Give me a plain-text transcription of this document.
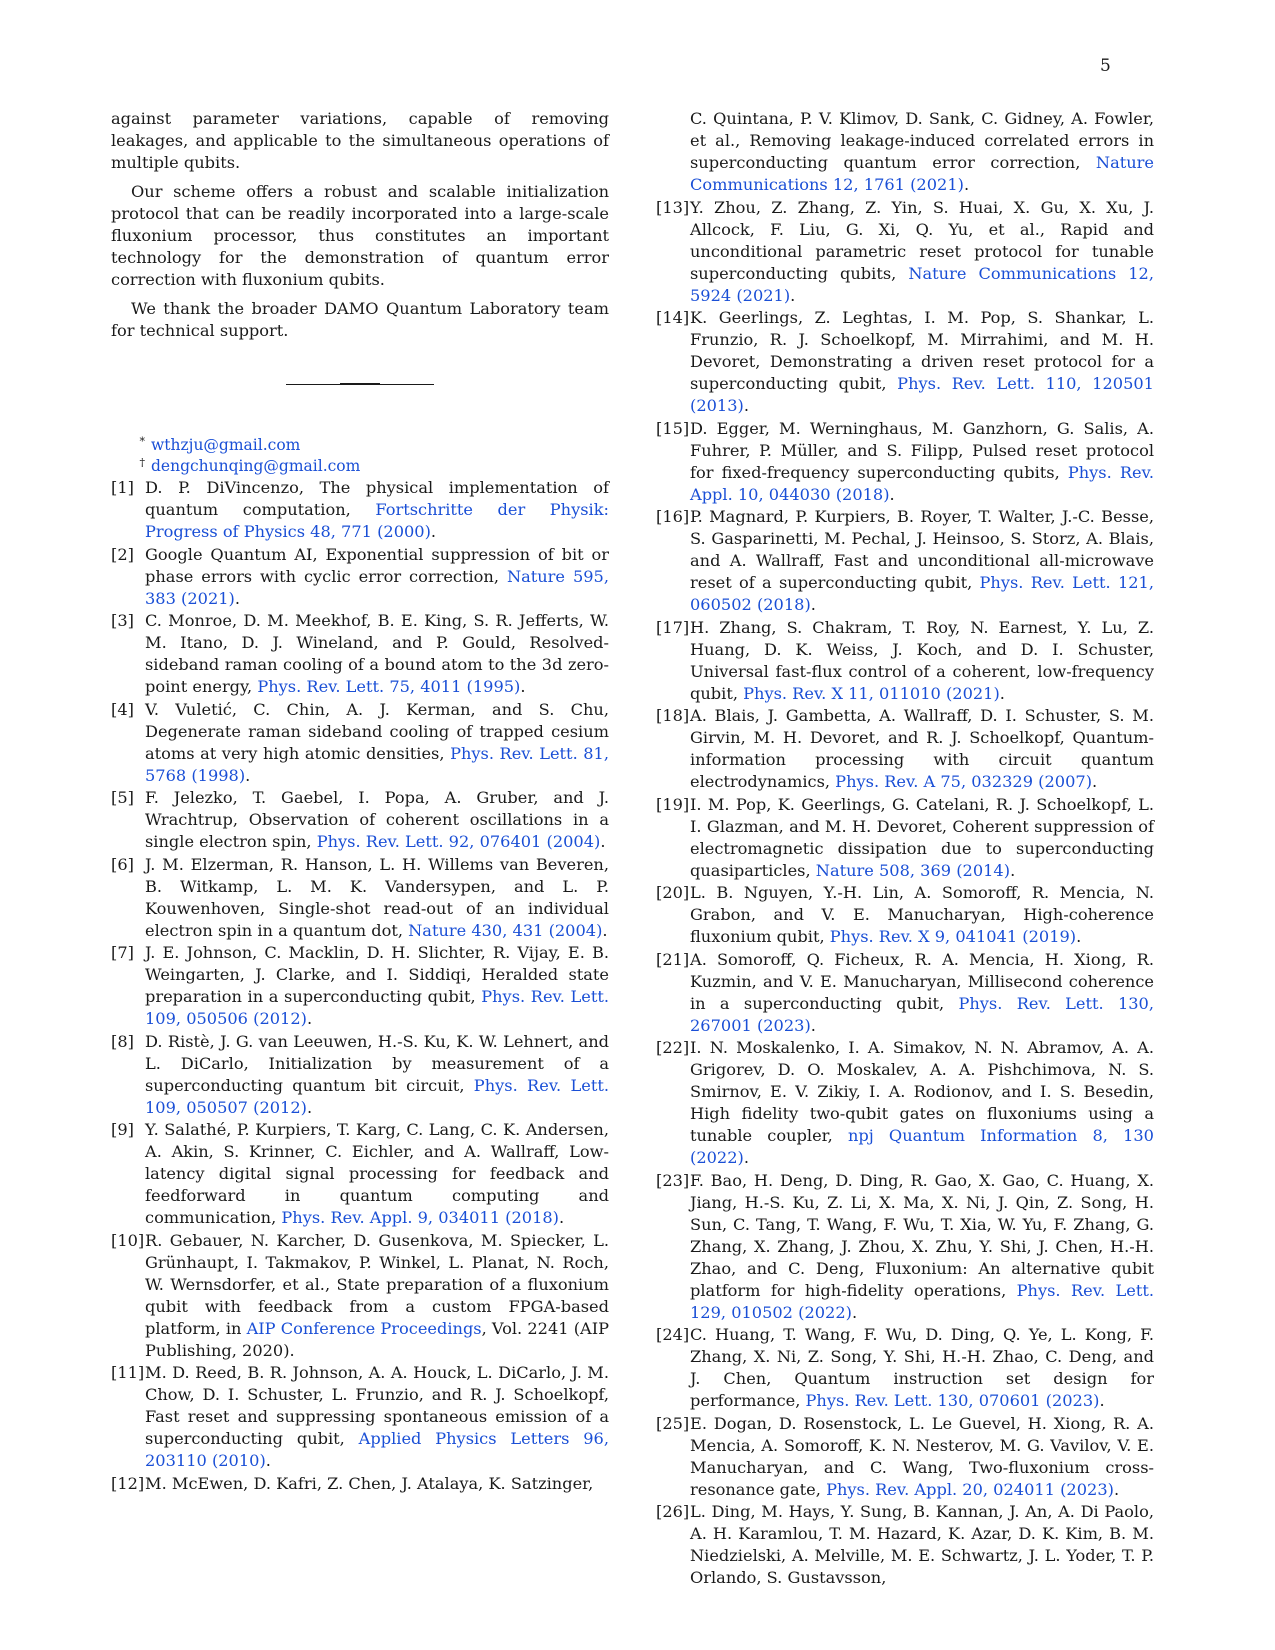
5

against parameter variations, capable of removing leakages, and applicable to the simultaneous operations of multiple qubits.

Our scheme offers a robust and scalable initialization protocol that can be readily incorporated into a large-scale fluxonium processor, thus constitutes an important technology for the demonstration of quantum error correction with fluxonium qubits.

We thank the broader DAMO Quantum Laboratory team for technical support.

* wthzju@gmail.com
† dengchunqing@gmail.com
[1] D. P. DiVincenzo, The physical implementation of quantum computation, Fortschritte der Physik: Progress of Physics 48, 771 (2000).
[2] Google Quantum AI, Exponential suppression of bit or phase errors with cyclic error correction, Nature 595, 383 (2021).
[3] C. Monroe, D. M. Meekhof, B. E. King, S. R. Jefferts, W. M. Itano, D. J. Wineland, and P. Gould, Resolved-sideband raman cooling of a bound atom to the 3d zero-point energy, Phys. Rev. Lett. 75, 4011 (1995).
[4] V. Vuletić, C. Chin, A. J. Kerman, and S. Chu, Degenerate raman sideband cooling of trapped cesium atoms at very high atomic densities, Phys. Rev. Lett. 81, 5768 (1998).
[5] F. Jelezko, T. Gaebel, I. Popa, A. Gruber, and J. Wrachtrup, Observation of coherent oscillations in a single electron spin, Phys. Rev. Lett. 92, 076401 (2004).
[6] J. M. Elzerman, R. Hanson, L. H. Willems van Beveren, B. Witkamp, L. M. K. Vandersypen, and L. P. Kouwenhoven, Single-shot read-out of an individual electron spin in a quantum dot, Nature 430, 431 (2004).
[7] J. E. Johnson, C. Macklin, D. H. Slichter, R. Vijay, E. B. Weingarten, J. Clarke, and I. Siddiqi, Heralded state preparation in a superconducting qubit, Phys. Rev. Lett. 109, 050506 (2012).
[8] D. Ristè, J. G. van Leeuwen, H.-S. Ku, K. W. Lehnert, and L. DiCarlo, Initialization by measurement of a superconducting quantum bit circuit, Phys. Rev. Lett. 109, 050507 (2012).
[9] Y. Salathé, P. Kurpiers, T. Karg, C. Lang, C. K. Andersen, A. Akin, S. Krinner, C. Eichler, and A. Wallraff, Low-latency digital signal processing for feedback and feedforward in quantum computing and communication, Phys. Rev. Appl. 9, 034011 (2018).
[10] R. Gebauer, N. Karcher, D. Gusenkova, M. Spiecker, L. Grünhaupt, I. Takmakov, P. Winkel, L. Planat, N. Roch, W. Wernsdorfer, et al., State preparation of a fluxonium qubit with feedback from a custom FPGA-based platform, in AIP Conference Proceedings, Vol. 2241 (AIP Publishing, 2020).
[11] M. D. Reed, B. R. Johnson, A. A. Houck, L. DiCarlo, J. M. Chow, D. I. Schuster, L. Frunzio, and R. J. Schoelkopf, Fast reset and suppressing spontaneous emission of a superconducting qubit, Applied Physics Letters 96, 203110 (2010).
[12] M. McEwen, D. Kafri, Z. Chen, J. Atalaya, K. Satzinger,
C. Quintana, P. V. Klimov, D. Sank, C. Gidney, A. Fowler, et al., Removing leakage-induced correlated errors in superconducting quantum error correction, Nature Communications 12, 1761 (2021).
[13] Y. Zhou, Z. Zhang, Z. Yin, S. Huai, X. Gu, X. Xu, J. Allcock, F. Liu, G. Xi, Q. Yu, et al., Rapid and unconditional parametric reset protocol for tunable superconducting qubits, Nature Communications 12, 5924 (2021).
[14] K. Geerlings, Z. Leghtas, I. M. Pop, S. Shankar, L. Frunzio, R. J. Schoelkopf, M. Mirrahimi, and M. H. Devoret, Demonstrating a driven reset protocol for a superconducting qubit, Phys. Rev. Lett. 110, 120501 (2013).
[15] D. Egger, M. Werninghaus, M. Ganzhorn, G. Salis, A. Fuhrer, P. Müller, and S. Filipp, Pulsed reset protocol for fixed-frequency superconducting qubits, Phys. Rev. Appl. 10, 044030 (2018).
[16] P. Magnard, P. Kurpiers, B. Royer, T. Walter, J.-C. Besse, S. Gasparinetti, M. Pechal, J. Heinsoo, S. Storz, A. Blais, and A. Wallraff, Fast and unconditional all-microwave reset of a superconducting qubit, Phys. Rev. Lett. 121, 060502 (2018).
[17] H. Zhang, S. Chakram, T. Roy, N. Earnest, Y. Lu, Z. Huang, D. K. Weiss, J. Koch, and D. I. Schuster, Universal fast-flux control of a coherent, low-frequency qubit, Phys. Rev. X 11, 011010 (2021).
[18] A. Blais, J. Gambetta, A. Wallraff, D. I. Schuster, S. M. Girvin, M. H. Devoret, and R. J. Schoelkopf, Quantum-information processing with circuit quantum electrodynamics, Phys. Rev. A 75, 032329 (2007).
[19] I. M. Pop, K. Geerlings, G. Catelani, R. J. Schoelkopf, L. I. Glazman, and M. H. Devoret, Coherent suppression of electromagnetic dissipation due to superconducting quasiparticles, Nature 508, 369 (2014).
[20] L. B. Nguyen, Y.-H. Lin, A. Somoroff, R. Mencia, N. Grabon, and V. E. Manucharyan, High-coherence fluxonium qubit, Phys. Rev. X 9, 041041 (2019).
[21] A. Somoroff, Q. Ficheux, R. A. Mencia, H. Xiong, R. Kuzmin, and V. E. Manucharyan, Millisecond coherence in a superconducting qubit, Phys. Rev. Lett. 130, 267001 (2023).
[22] I. N. Moskalenko, I. A. Simakov, N. N. Abramov, A. A. Grigorev, D. O. Moskalev, A. A. Pishchimova, N. S. Smirnov, E. V. Zikiy, I. A. Rodionov, and I. S. Besedin, High fidelity two-qubit gates on fluxoniums using a tunable coupler, npj Quantum Information 8, 130 (2022).
[23] F. Bao, H. Deng, D. Ding, R. Gao, X. Gao, C. Huang, X. Jiang, H.-S. Ku, Z. Li, X. Ma, X. Ni, J. Qin, Z. Song, H. Sun, C. Tang, T. Wang, F. Wu, T. Xia, W. Yu, F. Zhang, G. Zhang, X. Zhang, J. Zhou, X. Zhu, Y. Shi, J. Chen, H.-H. Zhao, and C. Deng, Fluxonium: An alternative qubit platform for high-fidelity operations, Phys. Rev. Lett. 129, 010502 (2022).
[24] C. Huang, T. Wang, F. Wu, D. Ding, Q. Ye, L. Kong, F. Zhang, X. Ni, Z. Song, Y. Shi, H.-H. Zhao, C. Deng, and J. Chen, Quantum instruction set design for performance, Phys. Rev. Lett. 130, 070601 (2023).
[25] E. Dogan, D. Rosenstock, L. Le Guevel, H. Xiong, R. A. Mencia, A. Somoroff, K. N. Nesterov, M. G. Vavilov, V. E. Manucharyan, and C. Wang, Two-fluxonium cross-resonance gate, Phys. Rev. Appl. 20, 024011 (2023).
[26] L. Ding, M. Hays, Y. Sung, B. Kannan, J. An, A. Di Paolo, A. H. Karamlou, T. M. Hazard, K. Azar, D. K. Kim, B. M. Niedzielski, A. Melville, M. E. Schwartz, J. L. Yoder, T. P. Orlando, S. Gustavsson,
